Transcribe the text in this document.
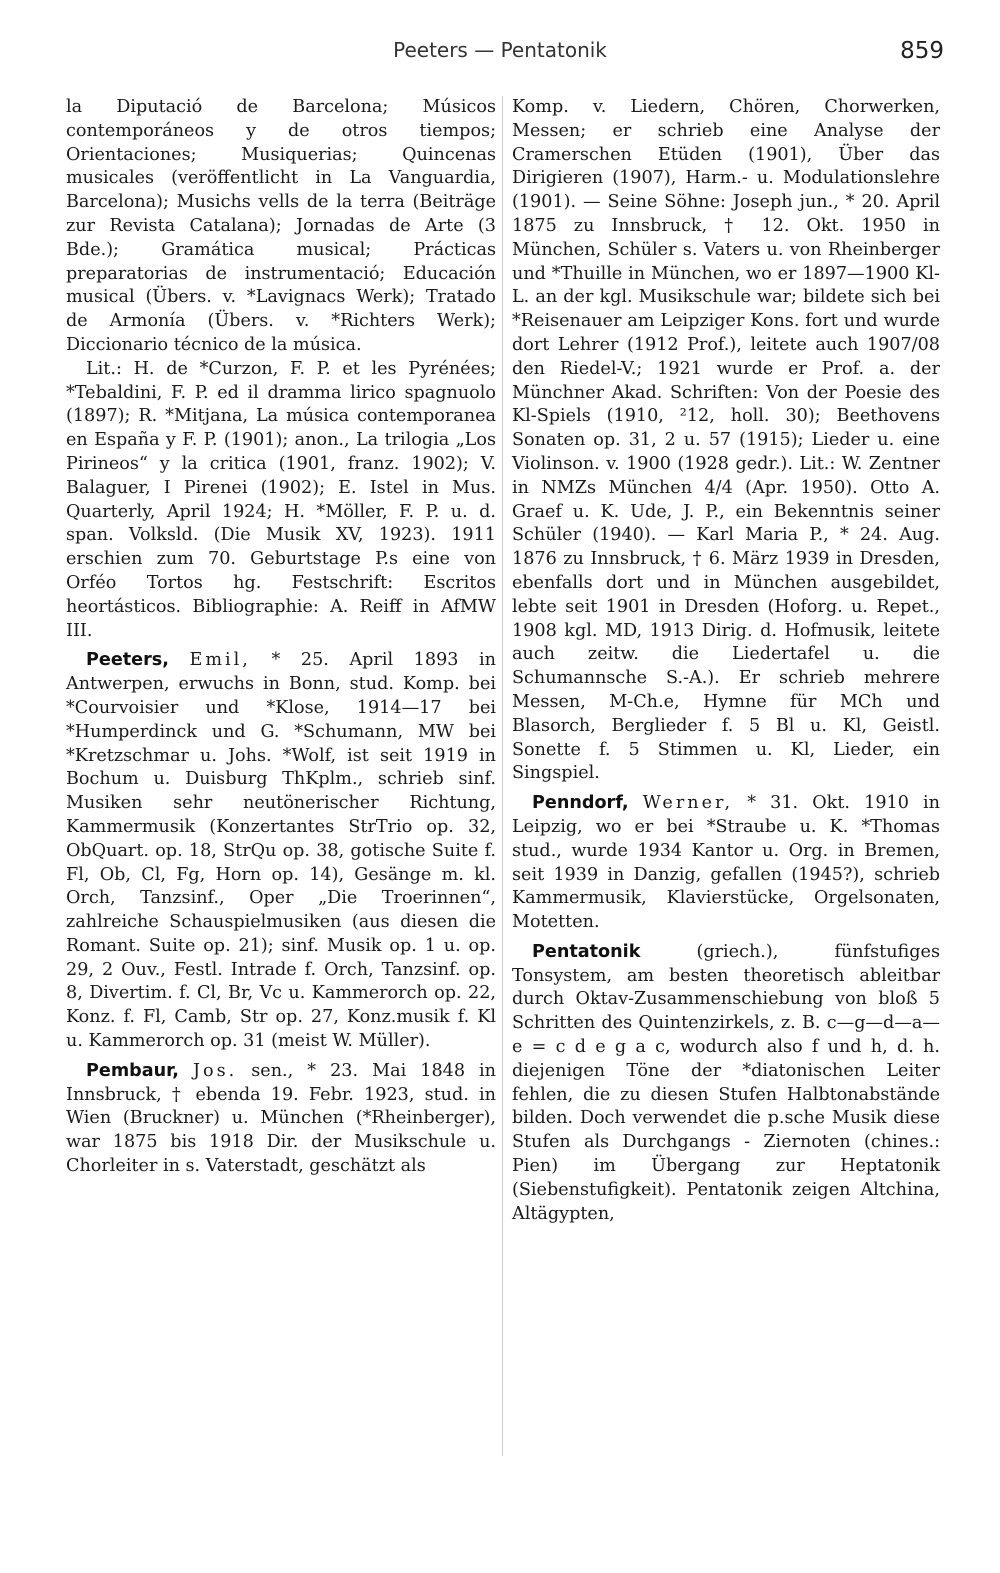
Peeters — Pentatonik	859

la Diputació de Barcelona; Músicos contemporáneos y de otros tiempos; Orientaciones; Musiquerias; Quincenas musicales (veröffentlicht in La Vanguardia, Barcelona); Musichs vells de la terra (Beiträge zur Revista Catalana); Jornadas de Arte (3 Bde.); Gramática musical; Prácticas preparatorias de instrumentació; Educación musical (Übers. v. *Lavignacs Werk); Tratado de Armonía (Übers. v. *Richters Werk); Diccionario técnico de la música.

Lit.: H. de *Curzon, F. P. et les Pyrénées; *Tebaldini, F. P. ed il dramma lirico spagnuolo (1897); R. *Mitjana, La música contemporanea en España y F. P. (1901); anon., La trilogia „Los Pirineos“ y la critica (1901, franz. 1902); V. Balaguer, I Pirenei (1902); E. Istel in Mus. Quarterly, April 1924; H. *Möller, F. P. u. d. span. Volksld. (Die Musik XV, 1923). 1911 erschien zum 70. Geburtstage P.s eine von Orféo Tortos hg. Festschrift: Escritos heortásticos. Bibliographie: A. Reiff in AfMW III.

Peeters, Emil, * 25. April 1893 in Antwerpen, erwuchs in Bonn, stud. Komp. bei *Courvoisier und *Klose, 1914—17 bei *Humperdinck und G. *Schumann, MW bei *Kretzschmar u. Johs. *Wolf, ist seit 1919 in Bochum u. Duisburg ThKplm., schrieb sinf. Musiken sehr neutönerischer Richtung, Kammermusik (Konzertantes StrTrio op. 32, ObQuart. op. 18, StrQu op. 38, gotische Suite f. Fl, Ob, Cl, Fg, Horn op. 14), Gesänge m. kl. Orch, Tanzsinf., Oper „Die Troerinnen“, zahlreiche Schauspielmusiken (aus diesen die Romant. Suite op. 21); sinf. Musik op. 1 u. op. 29, 2 Ouv., Festl. Intrade f. Orch, Tanzsinf. op. 8, Divertim. f. Cl, Br, Vc u. Kammerorch op. 22, Konz. f. Fl, Camb, Str op. 27, Konz.musik f. Kl u. Kammerorch op. 31 (meist W. Müller).

Pembaur, Jos. sen., * 23. Mai 1848 in Innsbruck, † ebenda 19. Febr. 1923, stud. in Wien (Bruckner) u. München (*Rheinberger), war 1875 bis 1918 Dir. der Musikschule u. Chorleiter in s. Vaterstadt, geschätzt als

Komp. v. Liedern, Chören, Chorwerken, Messen; er schrieb eine Analyse der Cramerschen Etüden (1901), Über das Dirigieren (1907), Harm.- u. Modulationslehre (1901). — Seine Söhne: Joseph jun., * 20. April 1875 zu Innsbruck, † 12. Okt. 1950 in München, Schüler s. Vaters u. von Rheinberger und *Thuille in München, wo er 1897—1900 Kl-L. an der kgl. Musikschule war; bildete sich bei *Reisenauer am Leipziger Kons. fort und wurde dort Lehrer (1912 Prof.), leitete auch 1907/08 den Riedel-V.; 1921 wurde er Prof. a. der Münchner Akad. Schriften: Von der Poesie des Kl-Spiels (1910, ²12, holl. 30); Beethovens Sonaten op. 31, 2 u. 57 (1915); Lieder u. eine Violinson. v. 1900 (1928 gedr.). Lit.: W. Zentner in NMZs München 4/4 (Apr. 1950). Otto A. Graef u. K. Ude, J. P., ein Bekenntnis seiner Schüler (1940). — Karl Maria P., * 24. Aug. 1876 zu Innsbruck, † 6. März 1939 in Dresden, ebenfalls dort und in München ausgebildet, lebte seit 1901 in Dresden (Hoforg. u. Repet., 1908 kgl. MD, 1913 Dirig. d. Hofmusik, leitete auch zeitw. die Liedertafel u. die Schumannsche S.-A.). Er schrieb mehrere Messen, M-Ch.e, Hymne für MCh und Blasorch, Berglieder f. 5 Bl u. Kl, Geistl. Sonette f. 5 Stimmen u. Kl, Lieder, ein Singspiel.

Penndorf, Werner, * 31. Okt. 1910 in Leipzig, wo er bei *Straube u. K. *Thomas stud., wurde 1934 Kantor u. Org. in Bremen, seit 1939 in Danzig, gefallen (1945?), schrieb Kammermusik, Klavierstücke, Orgelsonaten, Motetten.

Pentatonik	(griech.), fünfstufiges Tonsystem, am besten theoretisch ableitbar durch Oktav-Zusammenschiebung von bloß 5 Schritten des Quintenzirkels, z. B. c—g—d—a—e = c d e g a c, wodurch also f und h, d. h. diejenigen Töne der *diatonischen Leiter fehlen, die zu diesen Stufen Halbtonabstände bilden. Doch verwendet die p.sche Musik diese Stufen als Durchgangs - Ziernoten (chines.: Pien) im Übergang zur Heptatonik (Siebenstufigkeit). Pentatonik zeigen Altchina, Altägypten,
